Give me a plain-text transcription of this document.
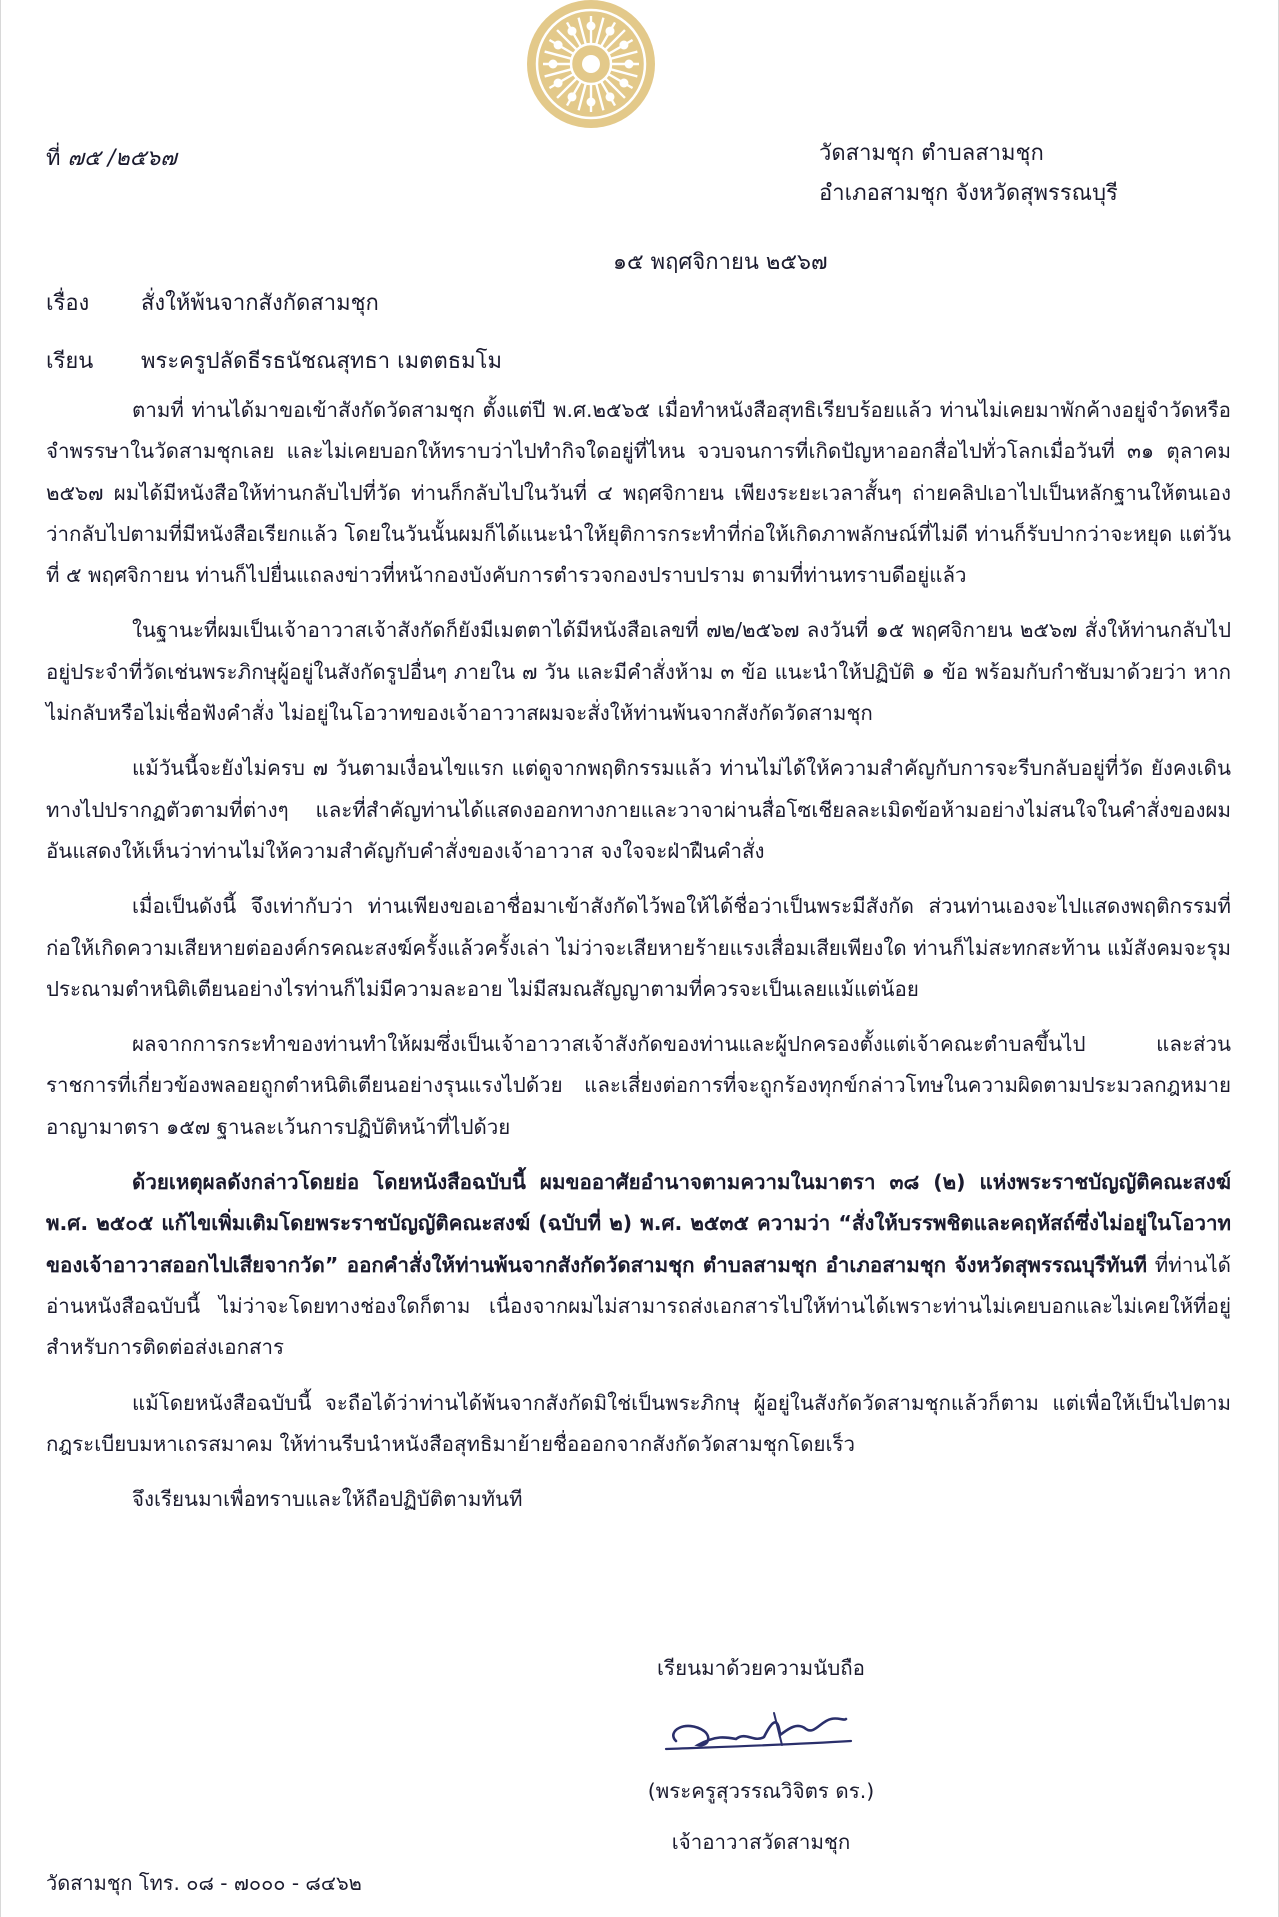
ที่ ๗๕ /๒๕๖๗	วัดสามชุก ตำบลสามชุก
อำเภอสามชุก จังหวัดสุพรรณบุรี
๑๕ พฤศจิกายน ๒๕๖๗
เรื่อง สั่งให้พ้นจากสังกัดสามชุก
เรียน พระครูปลัดธีรธนัชณสุทธา เมตตธมโม

ตามที่ ท่านได้มาขอเข้าสังกัดวัดสามชุก ตั้งแต่ปี พ.ศ.๒๕๖๕ เมื่อทำหนังสือสุทธิเรียบร้อยแล้ว ท่านไม่เคยมาพักค้างอยู่จำวัดหรือจำพรรษาในวัดสามชุกเลย และไม่เคยบอกให้ทราบว่าไปทำกิจใดอยู่ที่ไหน จวบจนการที่เกิดปัญหาออกสื่อไปทั่วโลกเมื่อวันที่ ๓๑ ตุลาคม ๒๕๖๗ ผมได้มีหนังสือให้ท่านกลับไปที่วัด ท่านก็กลับไปในวันที่ ๔ พฤศจิกายน เพียงระยะเวลาสั้นๆ ถ่ายคลิปเอาไปเป็นหลักฐานให้ตนเองว่ากลับไปตามที่มีหนังสือเรียกแล้ว โดยในวันนั้นผมก็ได้แนะนำให้ยุติการกระทำที่ก่อให้เกิดภาพลักษณ์ที่ไม่ดี ท่านก็รับปากว่าจะหยุด แต่วันที่ ๕ พฤศจิกายน ท่านก็ไปยื่นแถลงข่าวที่หน้ากองบังคับการตำรวจกองปราบปราม ตามที่ท่านทราบดีอยู่แล้ว

ในฐานะที่ผมเป็นเจ้าอาวาสเจ้าสังกัดก็ยังมีเมตตาได้มีหนังสือเลขที่ ๗๒/๒๕๖๗ ลงวันที่ ๑๕ พฤศจิกายน ๒๕๖๗ สั่งให้ท่านกลับไปอยู่ประจำที่วัดเช่นพระภิกษุผู้อยู่ในสังกัดรูปอื่นๆ ภายใน ๗ วัน และมีคำสั่งห้าม ๓ ข้อ แนะนำให้ปฏิบัติ ๑ ข้อ พร้อมกับกำชับมาด้วยว่า หากไม่กลับหรือไม่เชื่อฟังคำสั่ง ไม่อยู่ในโอวาทของเจ้าอาวาสผมจะสั่งให้ท่านพ้นจากสังกัดวัดสามชุก

แม้วันนี้จะยังไม่ครบ ๗ วันตามเงื่อนไขแรก แต่ดูจากพฤติกรรมแล้ว ท่านไม่ได้ให้ความสำคัญกับการจะรีบกลับอยู่ที่วัด ยังคงเดินทางไปปรากฏตัวตามที่ต่างๆ และที่สำคัญท่านได้แสดงออกทางกายและวาจาผ่านสื่อโซเชียลละเมิดข้อห้ามอย่างไม่สนใจในคำสั่งของผม อันแสดงให้เห็นว่าท่านไม่ให้ความสำคัญกับคำสั่งของเจ้าอาวาส จงใจจะฝ่าฝืนคำสั่ง

เมื่อเป็นดังนี้ จึงเท่ากับว่า ท่านเพียงขอเอาชื่อมาเข้าสังกัดไว้พอให้ได้ชื่อว่าเป็นพระมีสังกัด ส่วนท่านเองจะไปแสดงพฤติกรรมที่ก่อให้เกิดความเสียหายต่อองค์กรคณะสงฆ์ครั้งแล้วครั้งเล่า ไม่ว่าจะเสียหายร้ายแรงเสื่อมเสียเพียงใด ท่านก็ไม่สะทกสะท้าน แม้สังคมจะรุมประณามตำหนิติเตียนอย่างไรท่านก็ไม่มีความละอาย ไม่มีสมณสัญญาตามที่ควรจะเป็นเลยแม้แต่น้อย

ผลจากการกระทำของท่านทำให้ผมซึ่งเป็นเจ้าอาวาสเจ้าสังกัดของท่านและผู้ปกครองตั้งแต่เจ้าคณะตำบลขึ้นไป และส่วนราชการที่เกี่ยวข้องพลอยถูกตำหนิติเตียนอย่างรุนแรงไปด้วย และเสี่ยงต่อการที่จะถูกร้องทุกข์กล่าวโทษในความผิดตามประมวลกฎหมายอาญามาตรา ๑๕๗ ฐานละเว้นการปฏิบัติหน้าที่ไปด้วย

ด้วยเหตุผลดังกล่าวโดยย่อ โดยหนังสือฉบับนี้ ผมขออาศัยอำนาจตามความในมาตรา ๓๘ (๒) แห่งพระราชบัญญัติคณะสงฆ์ พ.ศ. ๒๕๐๕ แก้ไขเพิ่มเติมโดยพระราชบัญญัติคณะสงฆ์ (ฉบับที่ ๒) พ.ศ. ๒๕๓๕ ความว่า “สั่งให้บรรพชิตและคฤหัสถ์ซึ่งไม่อยู่ในโอวาทของเจ้าอาวาสออกไปเสียจากวัด” ออกคำสั่งให้ท่านพ้นจากสังกัดวัดสามชุก ตำบลสามชุก อำเภอสามชุก จังหวัดสุพรรณบุรีทันที ที่ท่านได้อ่านหนังสือฉบับนี้ ไม่ว่าจะโดยทางช่องใดก็ตาม เนื่องจากผมไม่สามารถส่งเอกสารไปให้ท่านได้เพราะท่านไม่เคยบอกและไม่เคยให้ที่อยู่สำหรับการติดต่อส่งเอกสาร

แม้โดยหนังสือฉบับนี้ จะถือได้ว่าท่านได้พ้นจากสังกัดมิใช่เป็นพระภิกษุ ผู้อยู่ในสังกัดวัดสามชุกแล้วก็ตาม แต่เพื่อให้เป็นไปตามกฎระเบียบมหาเถรสมาคม ให้ท่านรีบนำหนังสือสุทธิมาย้ายชื่อออกจากสังกัดวัดสามชุกโดยเร็ว

จึงเรียนมาเพื่อทราบและให้ถือปฏิบัติตามทันที

เรียนมาด้วยความนับถือ
(พระครูสุวรรณวิจิตร ดร.)
เจ้าอาวาสวัดสามชุก
วัดสามชุก โทร. ๐๘ - ๗๐๐๐ - ๘๔๖๒
